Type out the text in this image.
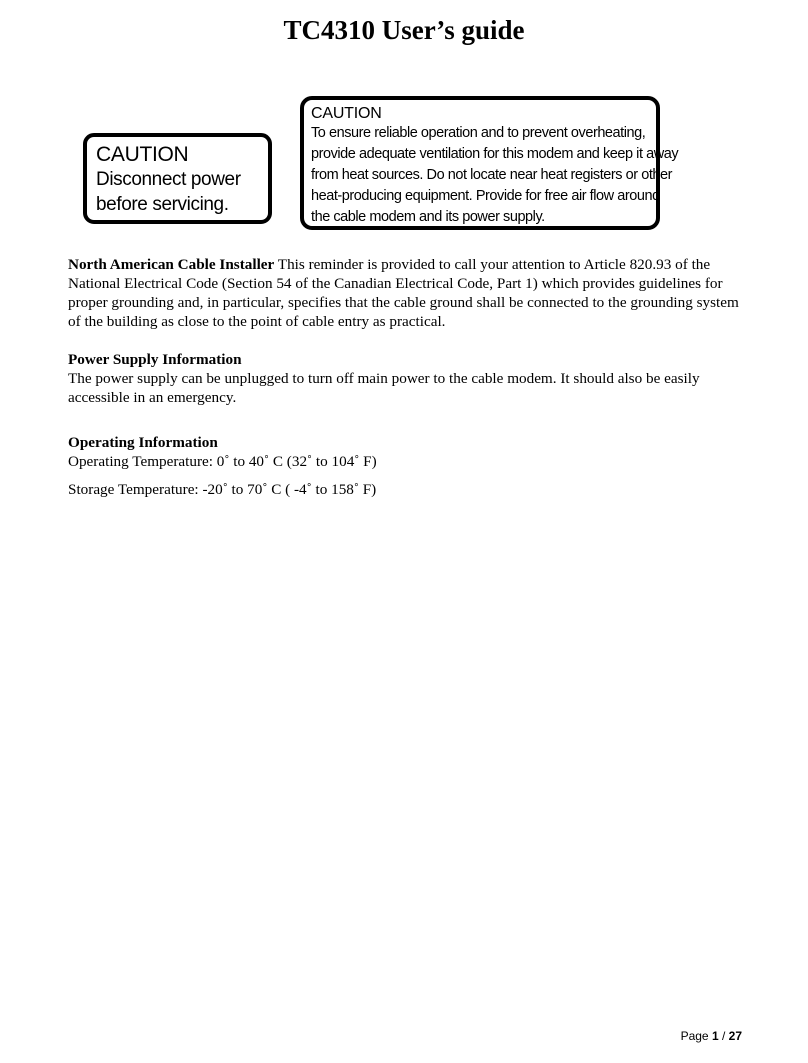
TC4310 User’s guide
CAUTION
Disconnect power
before servicing.
CAUTION
To ensure reliable operation and to prevent overheating,
provide adequate ventilation for this modem and keep it away
from heat sources. Do not locate near heat registers or other
heat-producing equipment. Provide for free air flow around
the cable modem and its power supply.

North American Cable Installer This reminder is provided to call your attention to Article 820.93 of the National Electrical Code (Section 54 of the Canadian Electrical Code, Part 1) which provides guidelines for proper grounding and, in particular, specifies that the cable ground shall be connected to the grounding system of the building as close to the point of cable entry as practical.

Power Supply Information

The power supply can be unplugged to turn off main power to the cable modem. It should also be easily accessible in an emergency.

Operating Information

Operating Temperature: 0˚ to 40˚ C (32˚ to 104˚ F)

Storage Temperature: -20˚ to 70˚ C ( -4˚ to 158˚ F)

Page 1 / 27
